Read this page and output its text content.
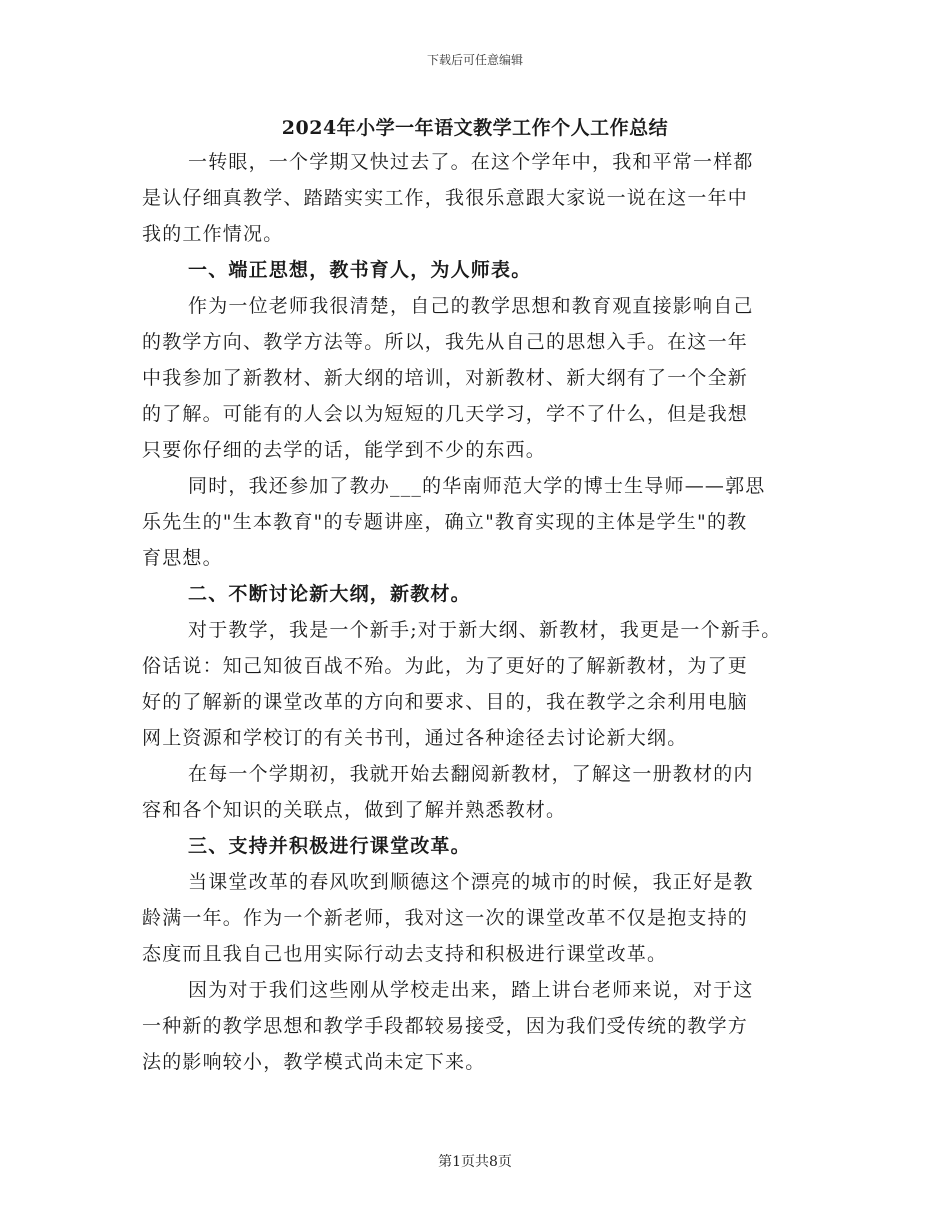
下载后可任意编辑
2024年小学一年语文教学工作个人工作总结
一转眼，一个学期又快过去了。在这个学年中，我和平常一样都
是认仔细真教学、踏踏实实工作，我很乐意跟大家说一说在这一年中
我的工作情况。
一、端正思想，教书育人，为人师表。
作为一位老师我很清楚，自己的教学思想和教育观直接影响自己
的教学方向、教学方法等。所以，我先从自己的思想入手。在这一年
中我参加了新教材、新大纲的培训，对新教材、新大纲有了一个全新
的了解。可能有的人会以为短短的几天学习，学不了什么，但是我想
只要你仔细的去学的话，能学到不少的东西。
同时，我还参加了教办___的华南师范大学的博士生导师——郭思
乐先生的"生本教育"的专题讲座，确立"教育实现的主体是学生"的教
育思想。
二、不断讨论新大纲，新教材。
对于教学，我是一个新手;对于新大纲、新教材，我更是一个新手。
俗话说：知己知彼百战不殆。为此，为了更好的了解新教材，为了更
好的了解新的课堂改革的方向和要求、目的，我在教学之余利用电脑
网上资源和学校订的有关书刊，通过各种途径去讨论新大纲。
在每一个学期初，我就开始去翻阅新教材，了解这一册教材的内
容和各个知识的关联点，做到了解并熟悉教材。
三、支持并积极进行课堂改革。
当课堂改革的春风吹到顺德这个漂亮的城市的时候，我正好是教
龄满一年。作为一个新老师，我对这一次的课堂改革不仅是抱支持的
态度而且我自己也用实际行动去支持和积极进行课堂改革。
因为对于我们这些刚从学校走出来，踏上讲台老师来说，对于这
一种新的教学思想和教学手段都较易接受，因为我们受传统的教学方
法的影响较小，教学模式尚未定下来。
第1页共8页
